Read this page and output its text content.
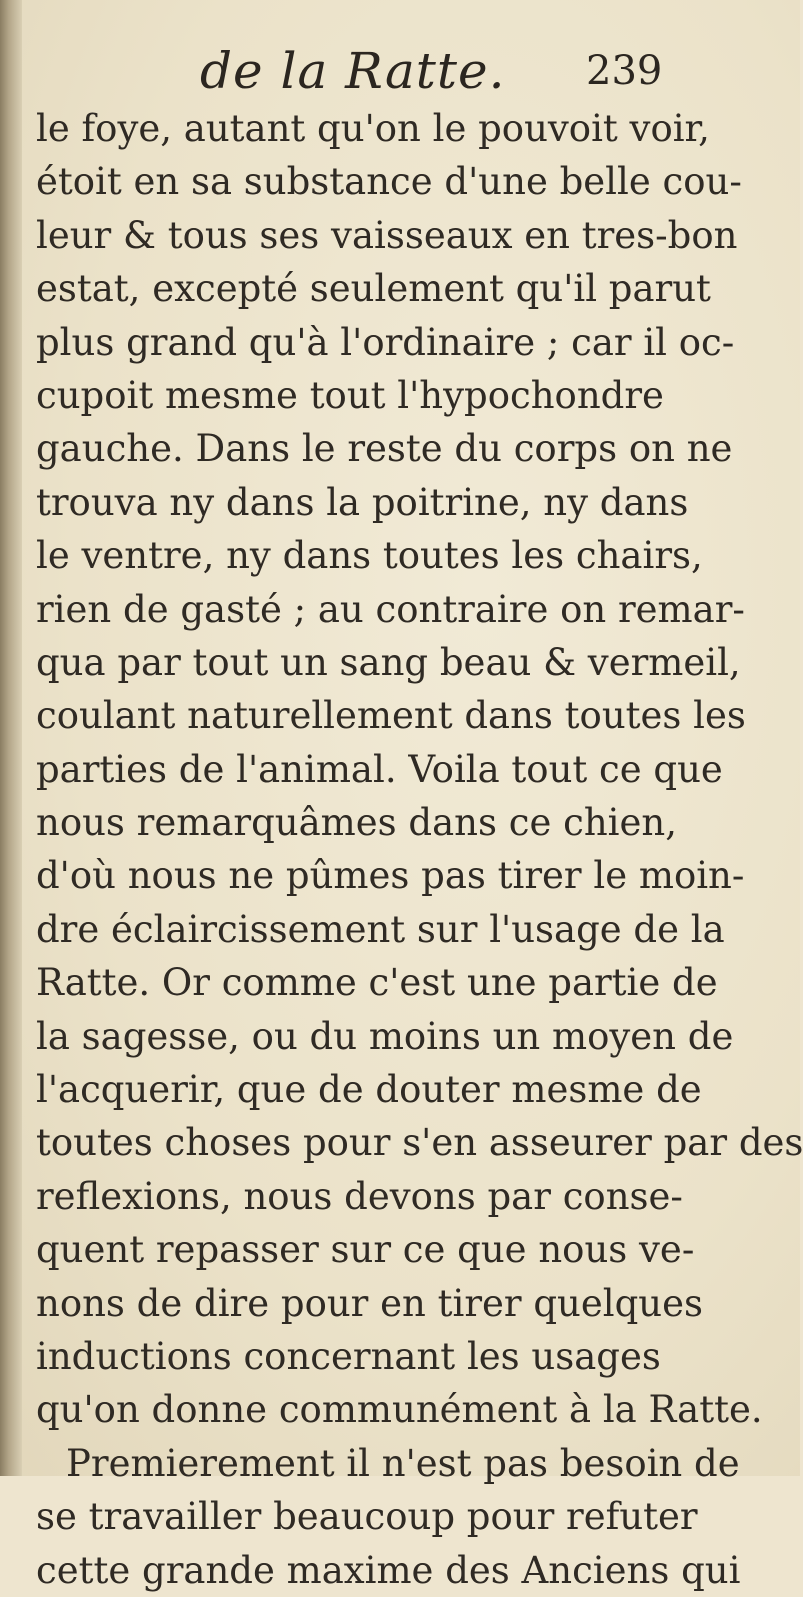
de la Ratte. 239
le foye, autant qu'on le pouvoit voir,
étoit en sa substance d'une belle cou-
leur & tous ses vaisseaux en tres-bon
estat, excepté seulement qu'il parut
plus grand qu'à l'ordinaire ; car il oc-
cupoit mesme tout l'hypochondre
gauche. Dans le reste du corps on ne
trouva ny dans la poitrine, ny dans
le ventre, ny dans toutes les chairs,
rien de gasté ; au contraire on remar-
qua par tout un sang beau & vermeil,
coulant naturellement dans toutes les
parties de l'animal. Voila tout ce que
nous remarquâmes dans ce chien,
d'où nous ne pûmes pas tirer le moin-
dre éclaircissement sur l'usage de la
Ratte. Or comme c'est une partie de
la sagesse, ou du moins un moyen de
l'acquerir, que de douter mesme de
toutes choses pour s'en asseurer par des
reflexions, nous devons par conse-
quent repasser sur ce que nous ve-
nons de dire pour en tirer quelques
inductions concernant les usages
qu'on donne communément à la Ratte.
Premierement il n'est pas besoin de
se travailler beaucoup pour refuter
cette grande maxime des Anciens qui
